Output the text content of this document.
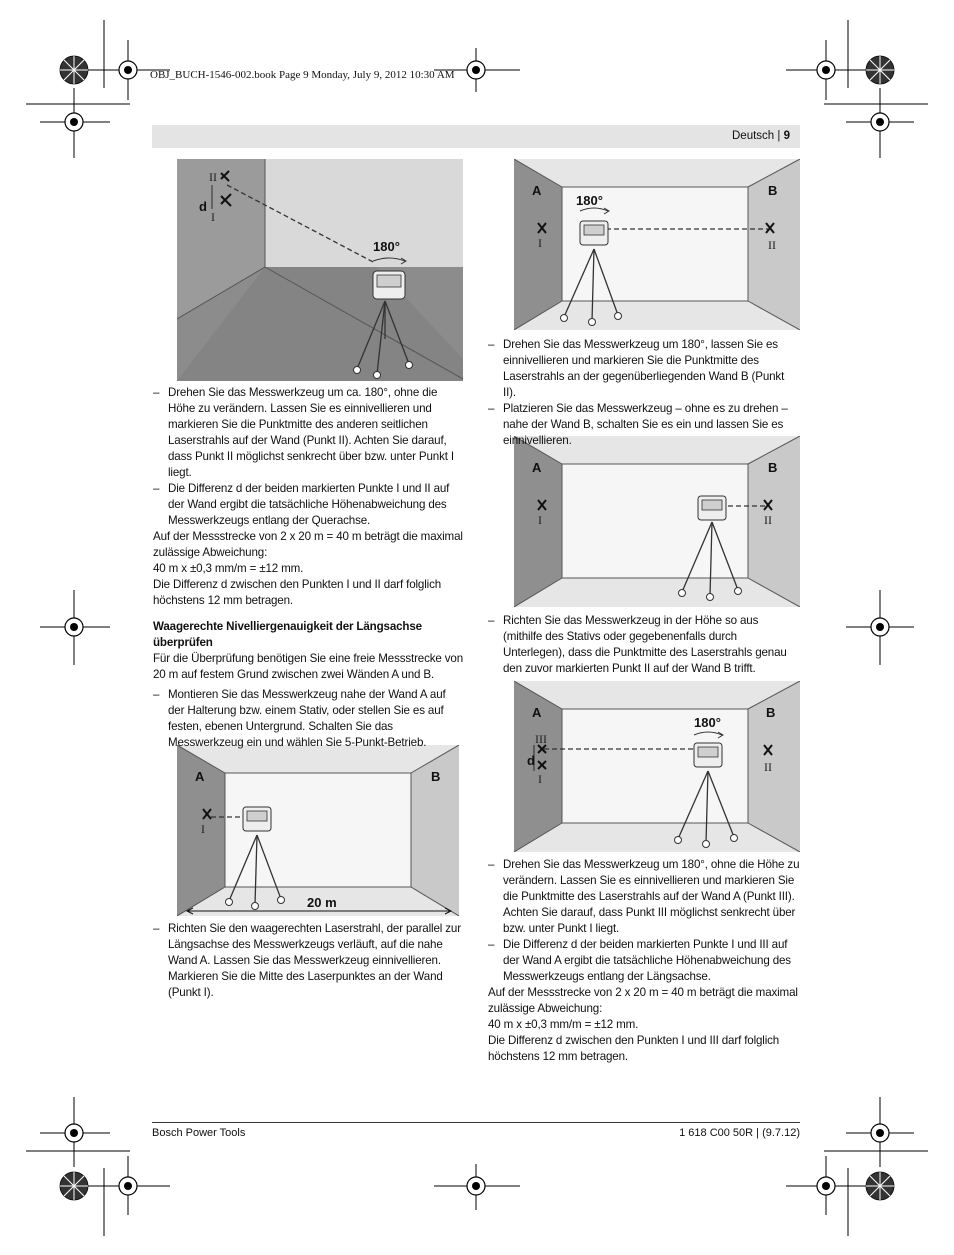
OBJ_BUCH-1546-002.book Page 9 Monday, July 9, 2012 10:30 AM
Deutsch | 9
180°
II
d
I
180°
A	B
I	II
A	B
I	II
180°
A	B
III
d
I
II
20 m
A	B
I

– Drehen Sie das Messwerkzeug um ca. 180°, ohne die Höhe zu verändern. Lassen Sie es einnivellieren und markieren Sie die Punktmitte des anderen seitlichen Laserstrahls auf der Wand (Punkt II). Achten Sie darauf, dass Punkt II möglichst senkrecht über bzw. unter Punkt I liegt.

– Die Differenz d der beiden markierten Punkte I und II auf der Wand ergibt die tatsächliche Höhenabweichung des Messwerkzeugs entlang der Querachse.

Auf der Messstrecke von 2 x 20 m = 40 m beträgt die maximal zulässige Abweichung:

40 m x ±0,3 mm/m = ±12 mm.

Die Differenz d zwischen den Punkten I und II darf folglich höchstens 12 mm betragen.

Waagerechte Nivelliergenauigkeit der Längsachse überprüfen

Für die Überprüfung benötigen Sie eine freie Messstrecke von 20 m auf festem Grund zwischen zwei Wänden A und B.

– Montieren Sie das Messwerkzeug nahe der Wand A auf der Halterung bzw. einem Stativ, oder stellen Sie es auf festen, ebenen Untergrund. Schalten Sie das Messwerkzeug ein und wählen Sie 5-Punkt-Betrieb.

– Richten Sie den waagerechten Laserstrahl, der parallel zur Längsachse des Messwerkzeugs verläuft, auf die nahe Wand A. Lassen Sie das Messwerkzeug einnivellieren. Markieren Sie die Mitte des Laserpunktes an der Wand (Punkt I).

– Drehen Sie das Messwerkzeug um 180°, lassen Sie es einnivellieren und markieren Sie die Punktmitte des Laserstrahls an der gegenüberliegenden Wand B (Punkt II).

– Platzieren Sie das Messwerkzeug – ohne es zu drehen – nahe der Wand B, schalten Sie es ein und lassen Sie es einnivellieren.

– Richten Sie das Messwerkzeug in der Höhe so aus (mithilfe des Stativs oder gegebenenfalls durch Unterlegen), dass die Punktmitte des Laserstrahls genau den zuvor markierten Punkt II auf der Wand B trifft.

– Drehen Sie das Messwerkzeug um 180°, ohne die Höhe zu verändern. Lassen Sie es einnivellieren und markieren Sie die Punktmitte des Laserstrahls auf der Wand A (Punkt III). Achten Sie darauf, dass Punkt III möglichst senkrecht über bzw. unter Punkt I liegt.

– Die Differenz d der beiden markierten Punkte I und III auf der Wand A ergibt die tatsächliche Höhenabweichung des Messwerkzeugs entlang der Längsachse.

Auf der Messstrecke von 2 x 20 m = 40 m beträgt die maximal zulässige Abweichung:

40 m x ±0,3 mm/m = ±12 mm.

Die Differenz d zwischen den Punkten I und III darf folglich höchstens 12 mm betragen.

Bosch Power Tools	1 618 C00 50R | (9.7.12)
